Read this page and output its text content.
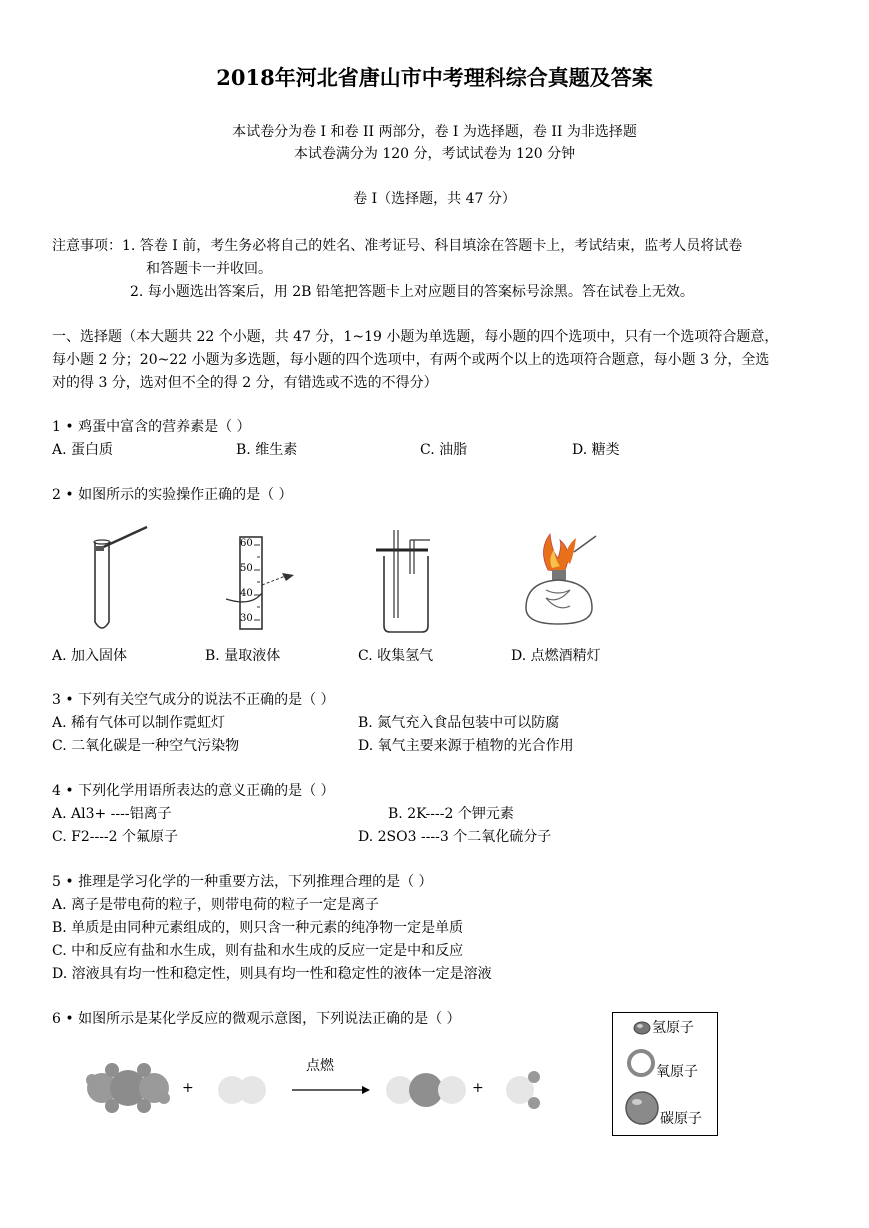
2018年河北省唐山市中考理科综合真题及答案
本试卷分为卷 I 和卷 II 两部分，卷 I 为选择题，卷 II 为非选择题
本试卷满分为 120 分，考试试卷为 120 分钟
卷 I（选择题，共 47 分）
注意事项： 1. 答卷 I 前，考生务必将自己的姓名、准考证号、科目填涂在答题卡上，考试结束，监考人员将试卷
和答题卡一并收回。
2. 每小题选出答案后，用 2B 铅笔把答题卡上对应题目的答案标号涂黑。答在试卷上无效。
一、选择题（本大题共 22 个小题，共 47 分，1~19 小题为单选题，每小题的四个选项中，只有一个选项符合题意，
每小题 2 分；20~22 小题为多选题，每小题的四个选项中，有两个或两个以上的选项符合题意，每小题 3 分，全选
对的得 3 分，选对但不全的得 2 分，有错选或不选的不得分）
1 • 鸡蛋中富含的营养素是（ ）
A. 蛋白质	B. 维生素	C. 油脂	D. 糖类
2 • 如图所示的实验操作正确的是（ ）
60
50
40
30
A. 加入固体	B. 量取液体	C. 收集氢气	D. 点燃酒精灯
3 • 下列有关空气成分的说法不正确的是（ ）
A. 稀有气体可以制作霓虹灯	B. 氮气充入食品包装中可以防腐
C. 二氧化碳是一种空气污染物	D. 氧气主要来源于植物的光合作用
4 • 下列化学用语所表达的意义正确的是（ ）
A. Al3+ ----铝离子	B. 2K----2 个钾元素
C. F2----2 个氟原子	D. 2SO3 ----3 个二氧化硫分子
5 • 推理是学习化学的一种重要方法，下列推理合理的是（ ）
A. 离子是带电荷的粒子，则带电荷的粒子一定是离子
B. 单质是由同种元素组成的，则只含一种元素的纯净物一定是单质
C. 中和反应有盐和水生成，则有盐和水生成的反应一定是中和反应
D. 溶液具有均一性和稳定性，则具有均一性和稳定性的液体一定是溶液
6 • 如图所示是某化学反应的微观示意图，下列说法正确的是（ ）
+	+
点燃
氢原子
氧原子
碳原子
